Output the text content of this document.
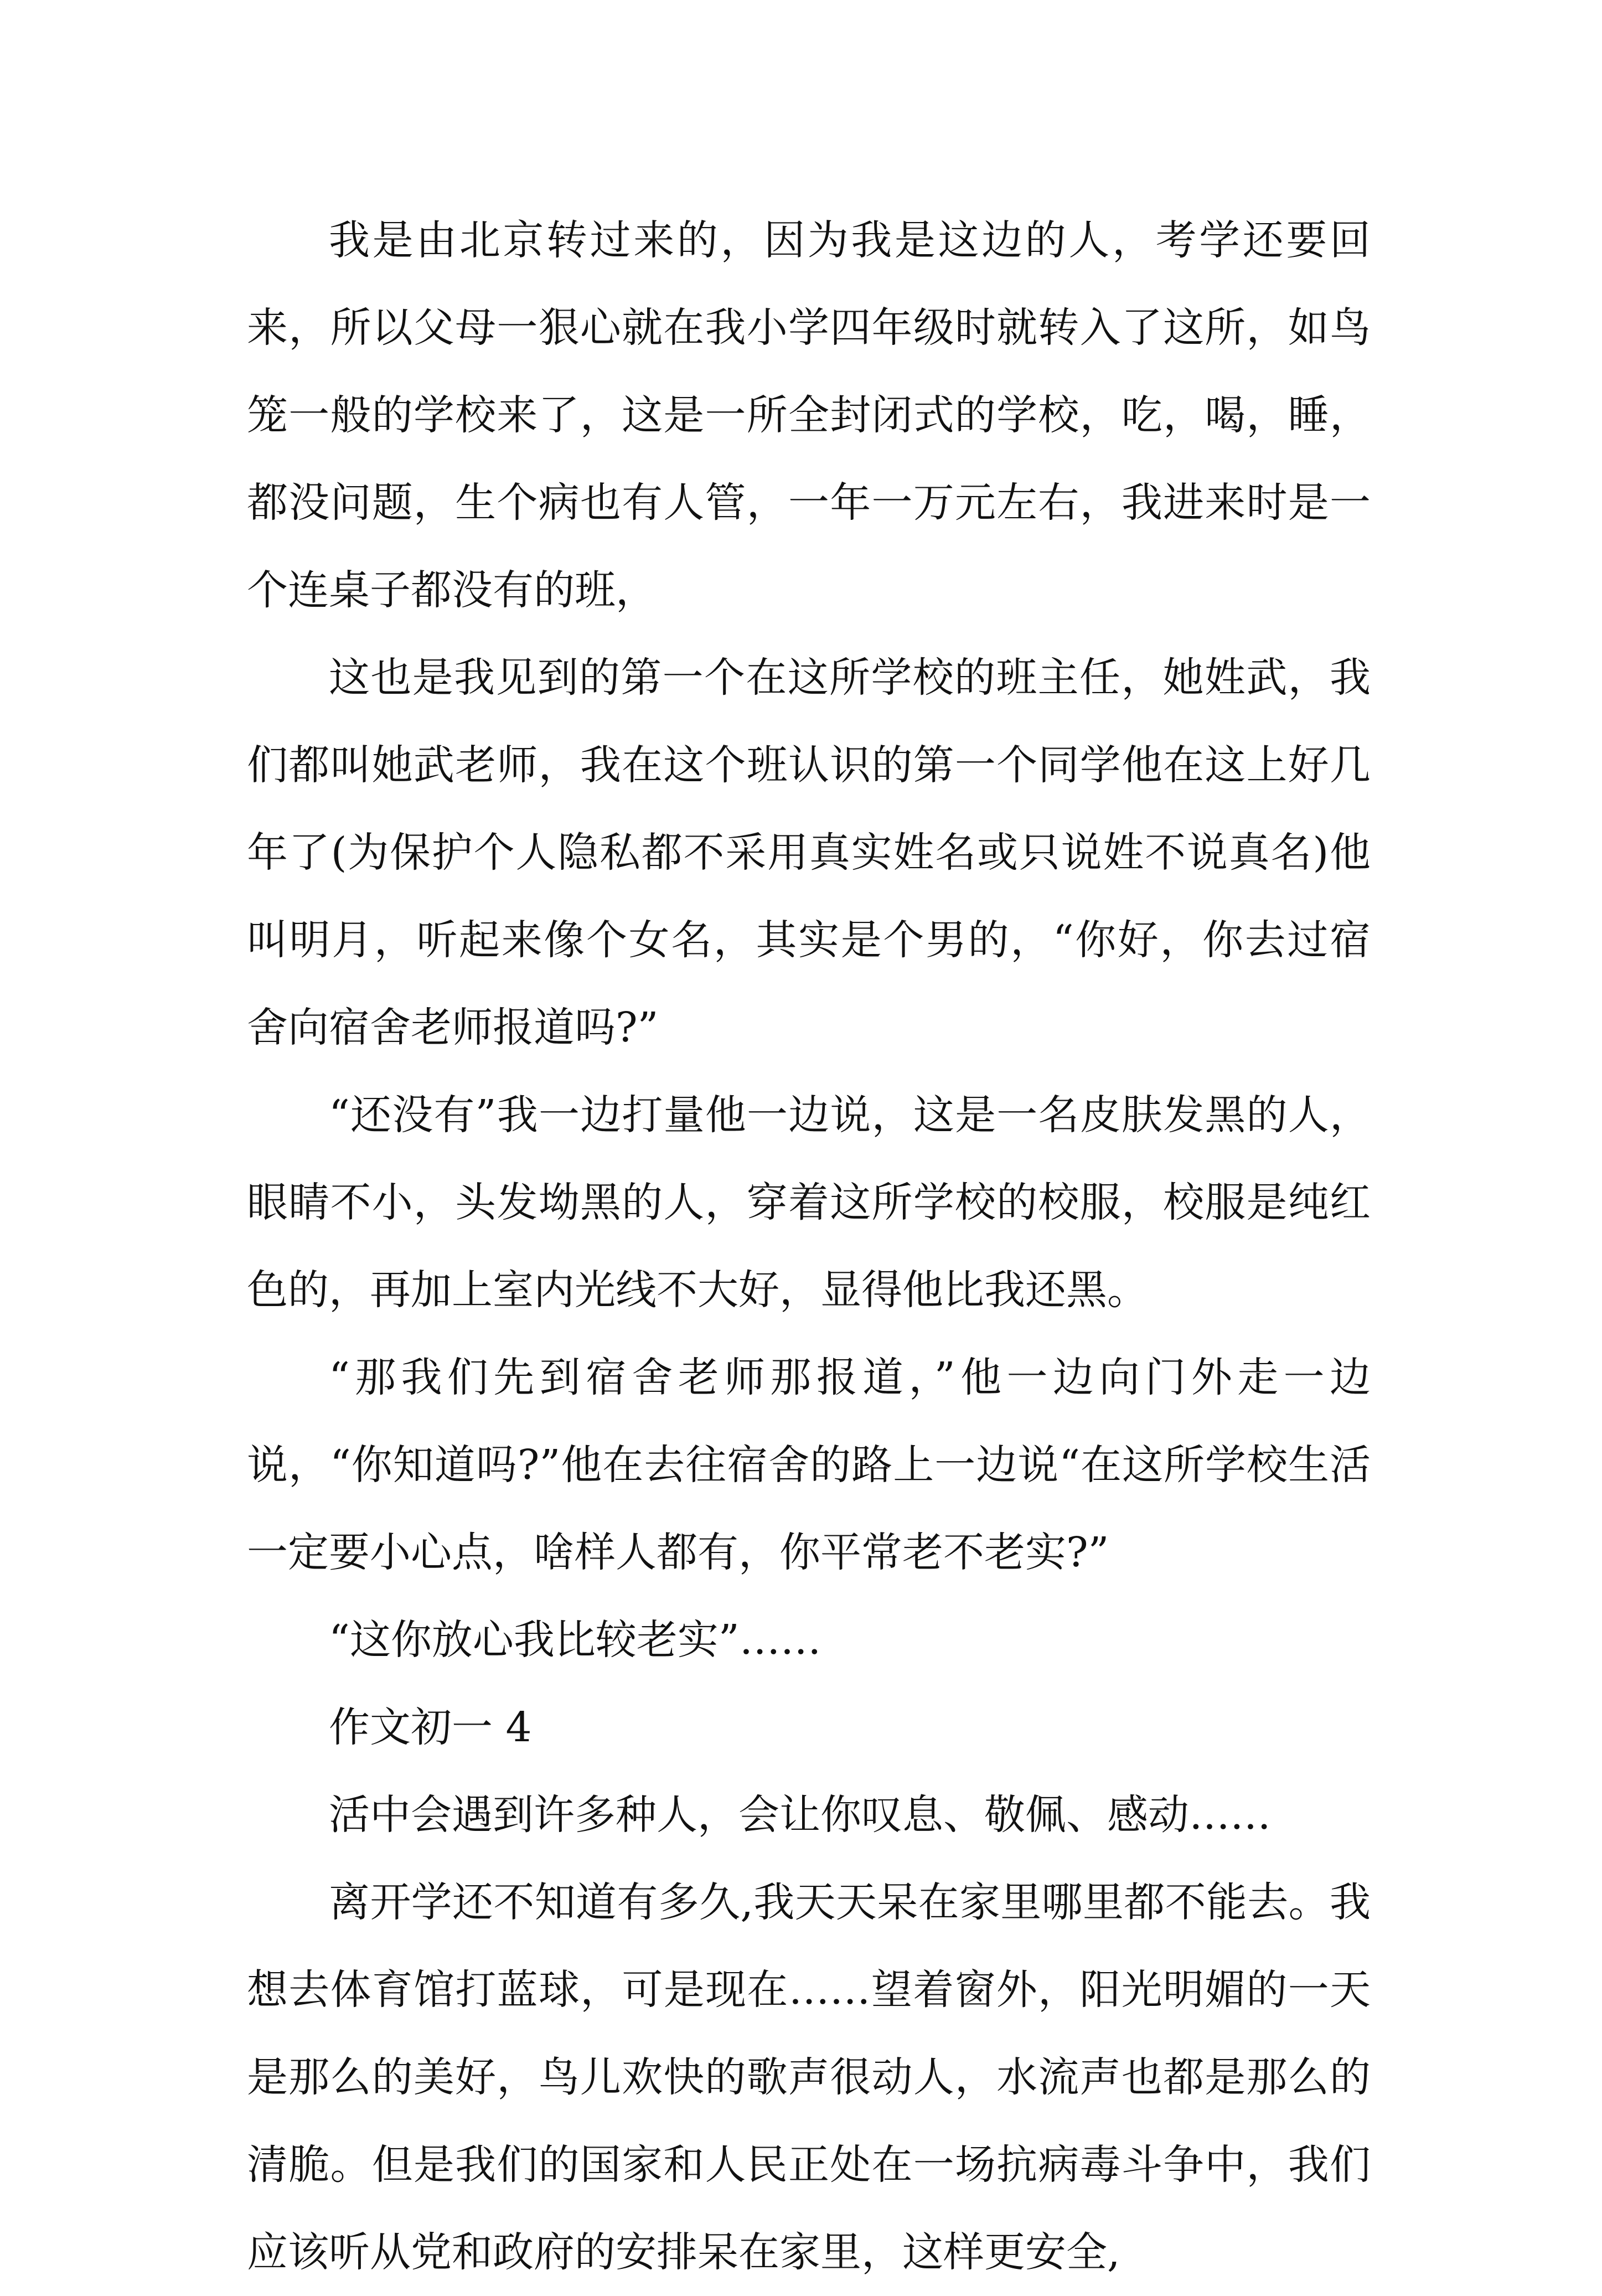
我是由北京转过来的，因为我是这边的人，考学还要回来，所以父母一狠心就在我小学四年级时就转入了这所，如鸟笼一般的学校来了，这是一所全封闭式的学校，吃，喝，睡，都没问题，生个病也有人管，一年一万元左右，我进来时是一个连桌子都没有的班，

这也是我见到的第一个在这所学校的班主任，她姓武，我们都叫她武老师，我在这个班认识的第一个同学他在这上好几年了(为保护个人隐私都不采用真实姓名或只说姓不说真名)他叫明月，听起来像个女名，其实是个男的，“你好，你去过宿舍向宿舍老师报道吗?”

“还没有”我一边打量他一边说，这是一名皮肤发黑的人，眼睛不小，头发坳黑的人，穿着这所学校的校服，校服是纯红色的，再加上室内光线不大好，显得他比我还黑。

“那我们先到宿舍老师那报道，”他一边向门外走一边说，“你知道吗?”他在去往宿舍的路上一边说“在这所学校生活一定要小心点，啥样人都有，你平常老不老实?”

“这你放心我比较老实”……

作文初一 4

活中会遇到许多种人，会让你叹息、敬佩、感动……

离开学还不知道有多久,我天天呆在家里哪里都不能去。我想去体育馆打蓝球，可是现在……望着窗外，阳光明媚的一天是那么的美好，鸟儿欢快的歌声很动人，水流声也都是那么的清脆。但是我们的国家和人民正处在一场抗病毒斗争中，我们应该听从党和政府的安排呆在家里，这样更安全,
